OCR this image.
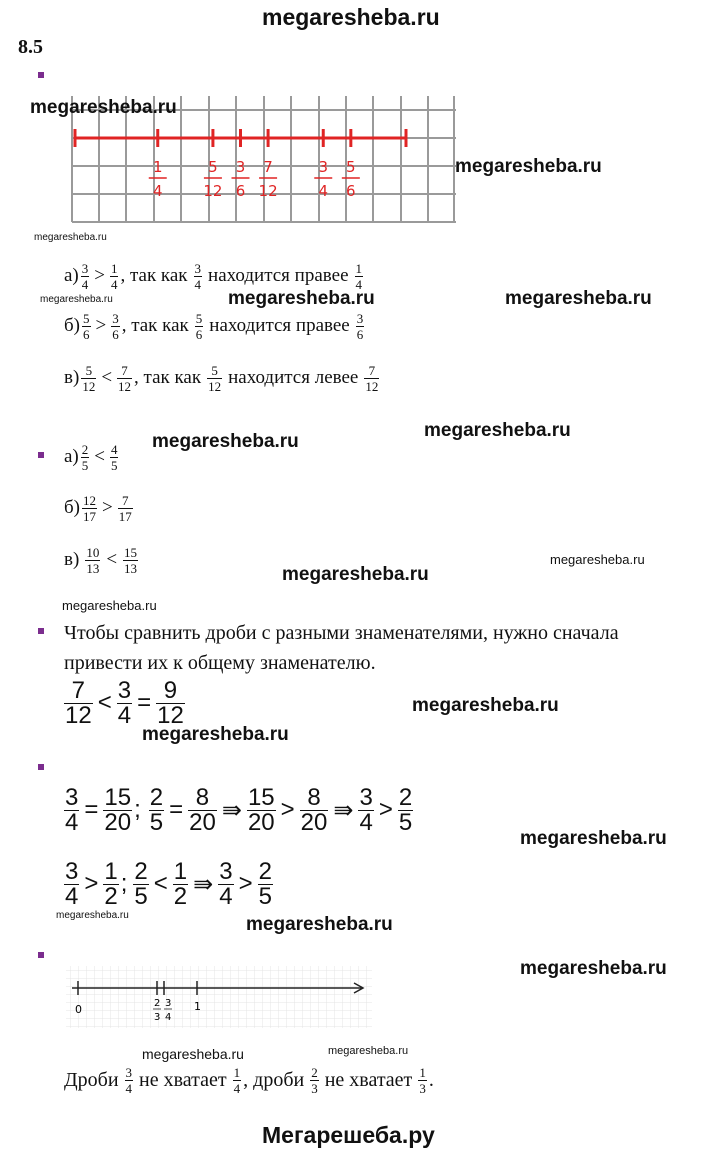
megaresheba.ru
8.5
1
4
5
12
3
6
7
12
3
4
5
6
megaresheba.ru
megaresheba.ru
megaresheba.ru
$а) \frac{3}{4} > \frac{1}{4}$ , так как $\frac{3}{4}$ находится правее $\frac{1}{4}$
megaresheba.ru	megaresheba.ru	megaresheba.ru
$б) \frac{5}{6} > \frac{3}{6}$ , так как $\frac{5}{6}$ находится правее $\frac{3}{6}$
$в) \frac{5}{12} < \frac{7}{12}$ , так как $\frac{5}{12}$ находится левее $\frac{7}{12}$
megaresheba.ru
megaresheba.ru
$а) \frac{2}{5} < \frac{4}{5}$
$б) \frac{12}{17} > \frac{7}{17}$
$в) \frac{10}{13} < \frac{15}{13}$	megaresheba.ru
megaresheba.ru
megaresheba.ru
Чтобы сравнить дроби с разными знаменателями, нужно сначала
привести их к общему знаменателю.
$\frac{7}{12} < \frac{3}{4} = \frac{9}{12}$	megaresheba.ru
megaresheba.ru
$\frac{3}{4} = \frac{15}{20}$ ; $\frac{2}{5} = \frac{8}{20}$ ⇛ $\frac{15}{20} > \frac{8}{20}$ ⇛ $\frac{3}{4} > \frac{2}{5}$
megaresheba.ru
$\frac{3}{4} > \frac{1}{2}$ ; $\frac{2}{5} < \frac{1}{2}$ ⇛ $\frac{3}{4} > \frac{2}{5}$
megaresheba.ru	megaresheba.ru
megaresheba.ru
0	1
2
3
3
4
megaresheba.ru	megaresheba.ru
Дроби $\frac{3}{4}$ не хватает $\frac{1}{4}$ , дроби $\frac{2}{3}$ не хватает $\frac{1}{3}$ .
Мегарешеба.ру
